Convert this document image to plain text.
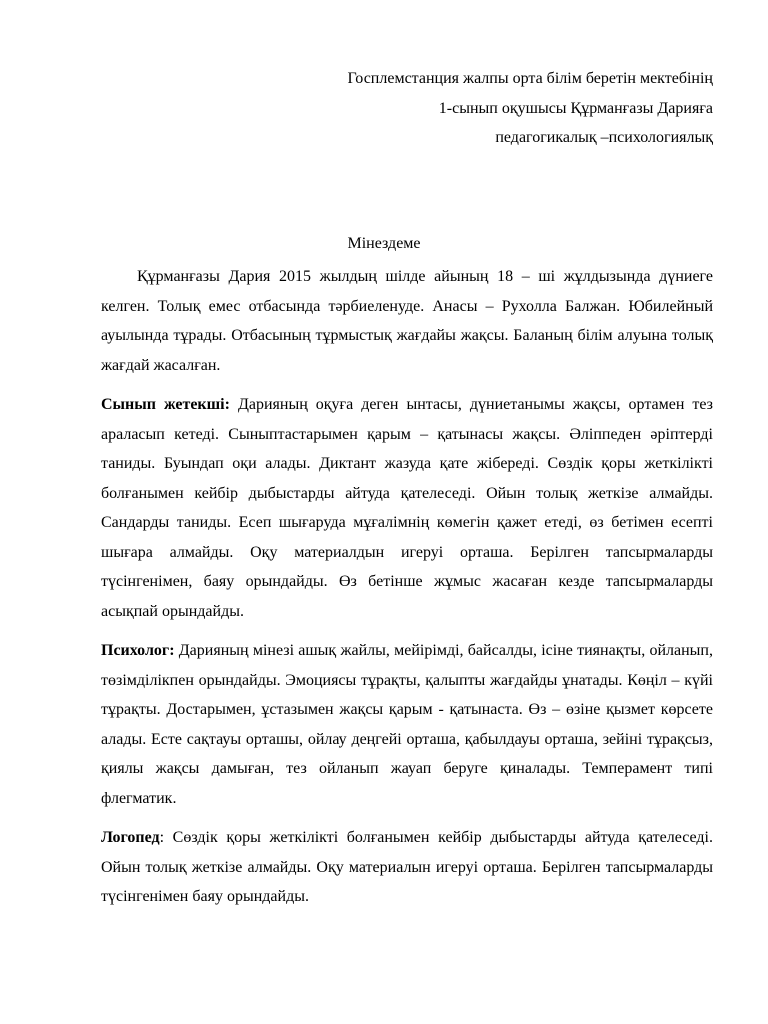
Госплемстанция жалпы орта білім беретін мектебінің
1-сынып оқушысы Құрманғазы Дарияға
педагогикалық –психологиялық
Мінездеме

Құрманғазы Дария 2015 жылдың шілде айының 18 – ші жұлдызында дүниеге келген. Толық емес отбасында тәрбиеленуде. Анасы – Рухолла Балжан. Юбилейный ауылында тұрады. Отбасының тұрмыстық жағдайы жақсы. Баланың білім алуына толық жағдай жасалған.

Сынып жетекші: Дарияның оқуға деген ынтасы, дүниетанымы жақсы, ортамен тез араласып кетеді. Сыныптастарымен қарым – қатынасы жақсы. Әліппеден әріптерді таниды. Буындап оқи алады. Диктант жазуда қате жібереді. Сөздік қоры жеткілікті болғанымен кейбір дыбыстарды айтуда қателеседі. Ойын толық жеткізе алмайды. Сандарды таниды. Есеп шығаруда мұғалімнің көмегін қажет етеді, өз бетімен есепті шығара алмайды. Оқу материалдын игеруі орташа. Берілген тапсырмаларды түсінгенімен, баяу орындайды. Өз бетінше жұмыс жасаған кезде тапсырмаларды асықпай орындайды.

Психолог: Дарияның мінезі ашық жайлы, мейірімді, байсалды, ісіне тиянақты, ойланып, төзімділікпен орындайды. Эмоциясы тұрақты, қалыпты жағдайды ұнатады. Көңіл – күйі тұрақты. Достарымен, ұстазымен жақсы қарым - қатынаста. Өз – өзіне қызмет көрсете алады. Есте сақтауы орташы, ойлау деңгейі орташа, қабылдауы орташа, зейіні тұрақсыз, қиялы жақсы дамыған, тез ойланып жауап беруге қиналады. Темперамент типі флегматик.

Логопед: Сөздік қоры жеткілікті болғанымен кейбір дыбыстарды айтуда қателеседі. Ойын толық жеткізе алмайды. Оқу материалын игеруі орташа. Берілген тапсырмаларды түсінгенімен баяу орындайды.
